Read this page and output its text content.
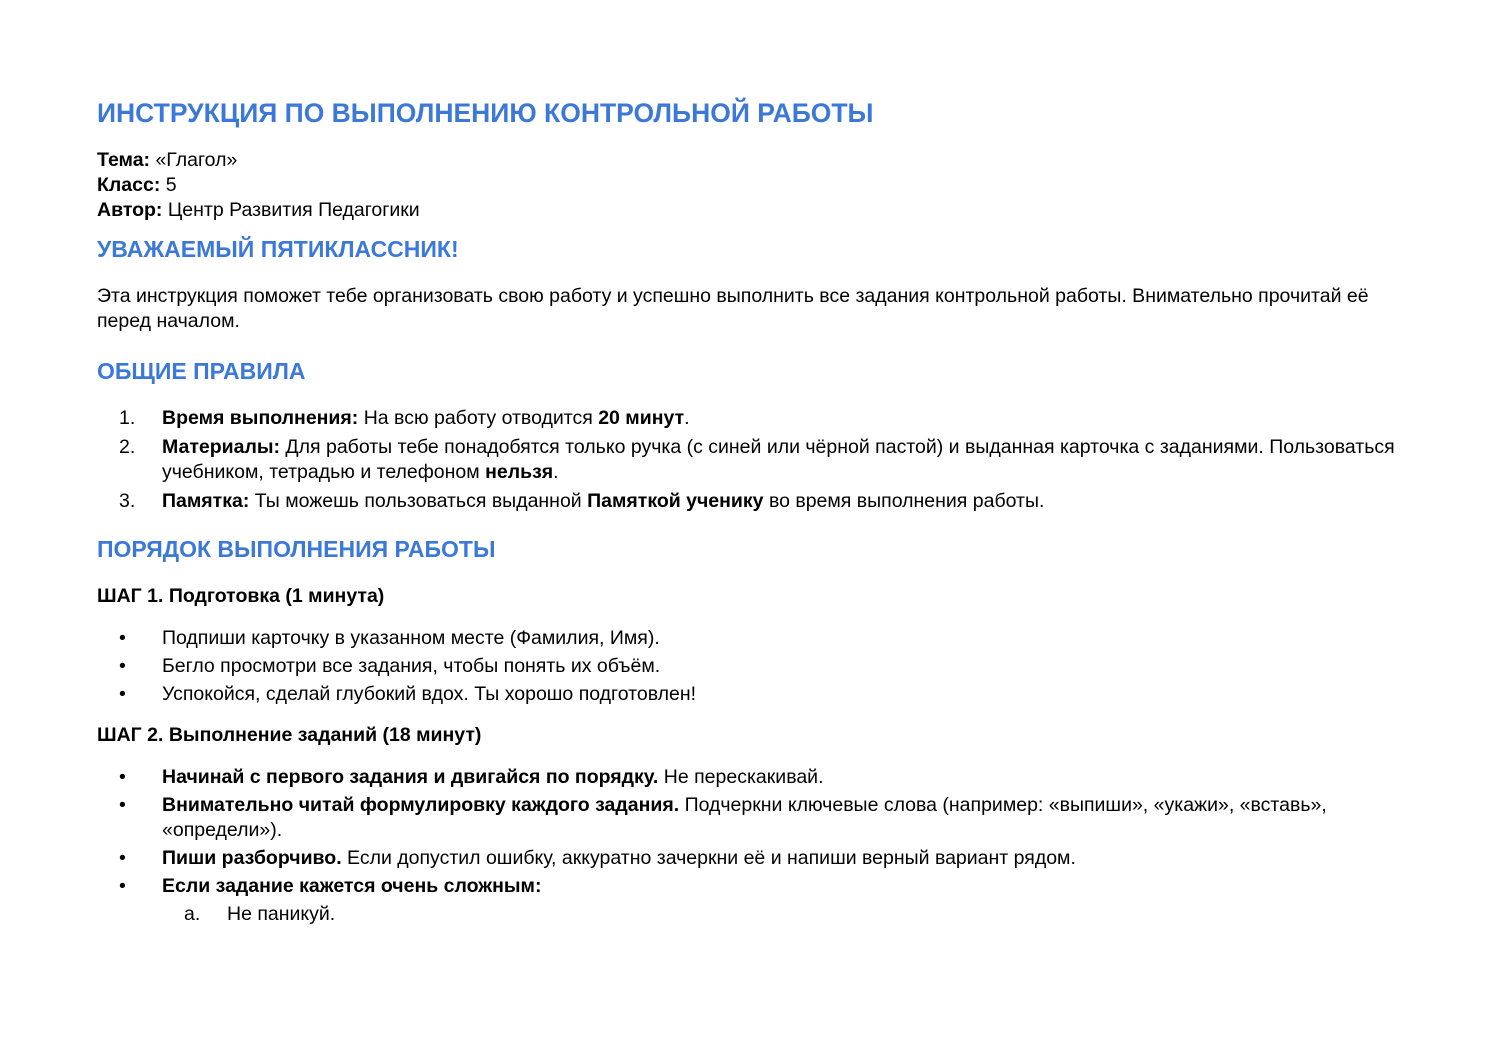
ИНСТРУКЦИЯ ПО ВЫПОЛНЕНИЮ КОНТРОЛЬНОЙ РАБОТЫ
Тема: «Глагол»
Класс: 5
Автор: Центр Развития Педагогики
УВАЖАЕМЫЙ ПЯТИКЛАССНИК!

Эта инструкция поможет тебе организовать свою работу и успешно выполнить все задания контрольной работы. Внимательно прочитай её перед началом.

ОБЩИЕ ПРАВИЛА
1.	Время выполнения: На всю работу отводится 20 минут.
2.	Материалы: Для работы тебе понадобятся только ручка (с синей или чёрной пастой) и выданная карточка с заданиями. Пользоваться учебником, тетрадью и телефоном нельзя.
3.	Памятка: Ты можешь пользоваться выданной Памяткой ученику во время выполнения работы.
ПОРЯДОК ВЫПОЛНЕНИЯ РАБОТЫ
ШАГ 1. Подготовка (1 минута)
• Подпиши карточку в указанном месте (Фамилия, Имя).
• Бегло просмотри все задания, чтобы понять их объём.
• Успокойся, сделай глубокий вдох. Ты хорошо подготовлен!
ШАГ 2. Выполнение заданий (18 минут)
• Начинай с первого задания и двигайся по порядку. Не перескакивай.
• Внимательно читай формулировку каждого задания. Подчеркни ключевые слова (например: «выпиши», «укажи», «вставь», «определи»).
• Пиши разборчиво. Если допустил ошибку, аккуратно зачеркни её и напиши верный вариант рядом.
• Если задание кажется очень сложным:
a.	Не паникуй.
